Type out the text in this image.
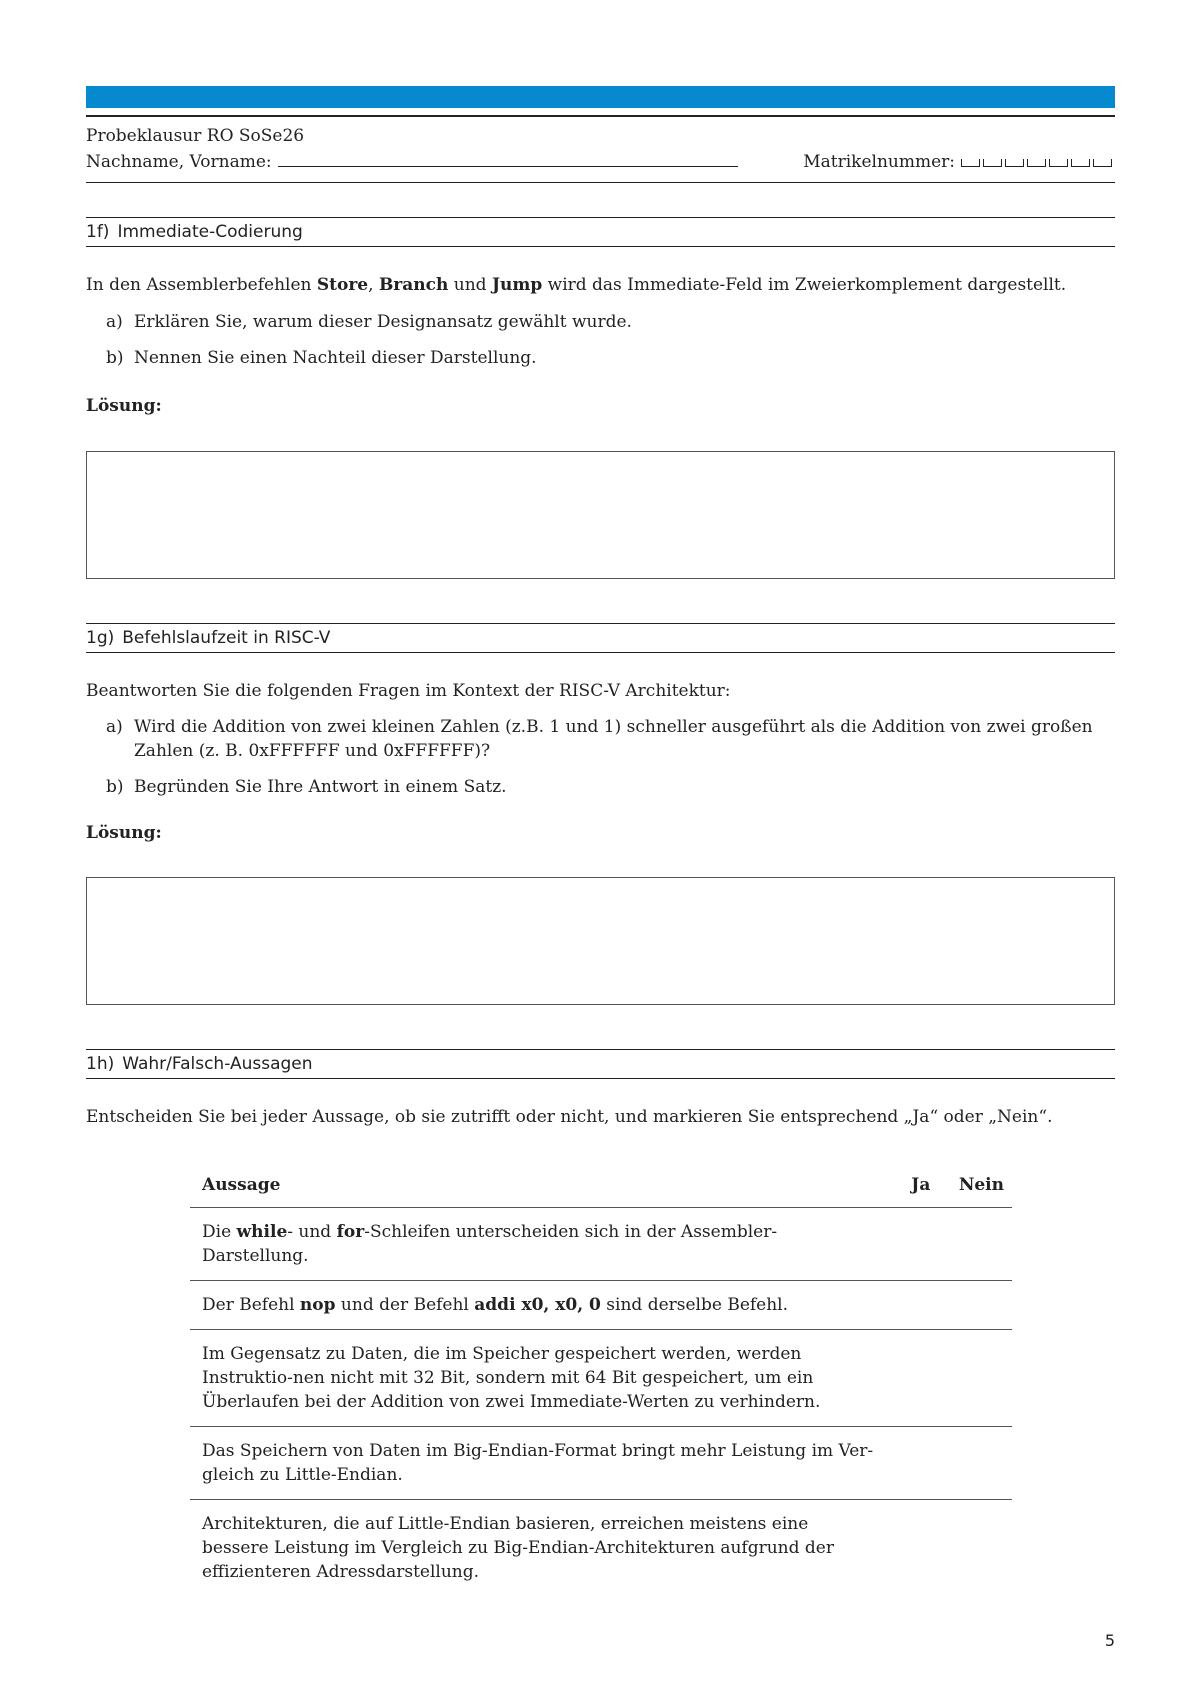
Probeklausur RO SoSe26
Nachname, Vorname:	Matrikelnummer:
1f) Immediate-Codierung
In den Assemblerbefehlen Store, Branch und Jump wird das Immediate-Feld im Zweierkomplement dargestellt.
a) Erklären Sie, warum dieser Designansatz gewählt wurde.
b) Nennen Sie einen Nachteil dieser Darstellung.
Lösung:
1g) Befehlslaufzeit in RISC-V
Beantworten Sie die folgenden Fragen im Kontext der RISC-V Architektur:
a) Wird die Addition von zwei kleinen Zahlen (z.B. 1 und 1) schneller ausgeführt als die Addition von zwei großen Zahlen (z. B. 0xFFFFFF und 0xFFFFFF)?
b) Begründen Sie Ihre Antwort in einem Satz.
Lösung:
1h) Wahr/Falsch-Aussagen
Entscheiden Sie bei jeder Aussage, ob sie zutrifft oder nicht, und markieren Sie entsprechend „Ja“ oder „Nein“.
Aussage	Ja	Nein
Die while- und for-Schleifen unterscheiden sich in der Assembler-Darstellung.		
Der Befehl nop und der Befehl addi x0, x0, 0 sind derselbe Befehl.		
Im Gegensatz zu Daten, die im Speicher gespeichert werden, werden Instruktio-nen nicht mit 32 Bit, sondern mit 64 Bit gespeichert, um ein Überlaufen bei der Addition von zwei Immediate-Werten zu verhindern.		
Das Speichern von Daten im Big-Endian-Format bringt mehr Leistung im Ver-gleich zu Little-Endian.		
Architekturen, die auf Little-Endian basieren, erreichen meistens eine bessere Leistung im Vergleich zu Big-Endian-Architekturen aufgrund der effizienteren Adressdarstellung.		
5
